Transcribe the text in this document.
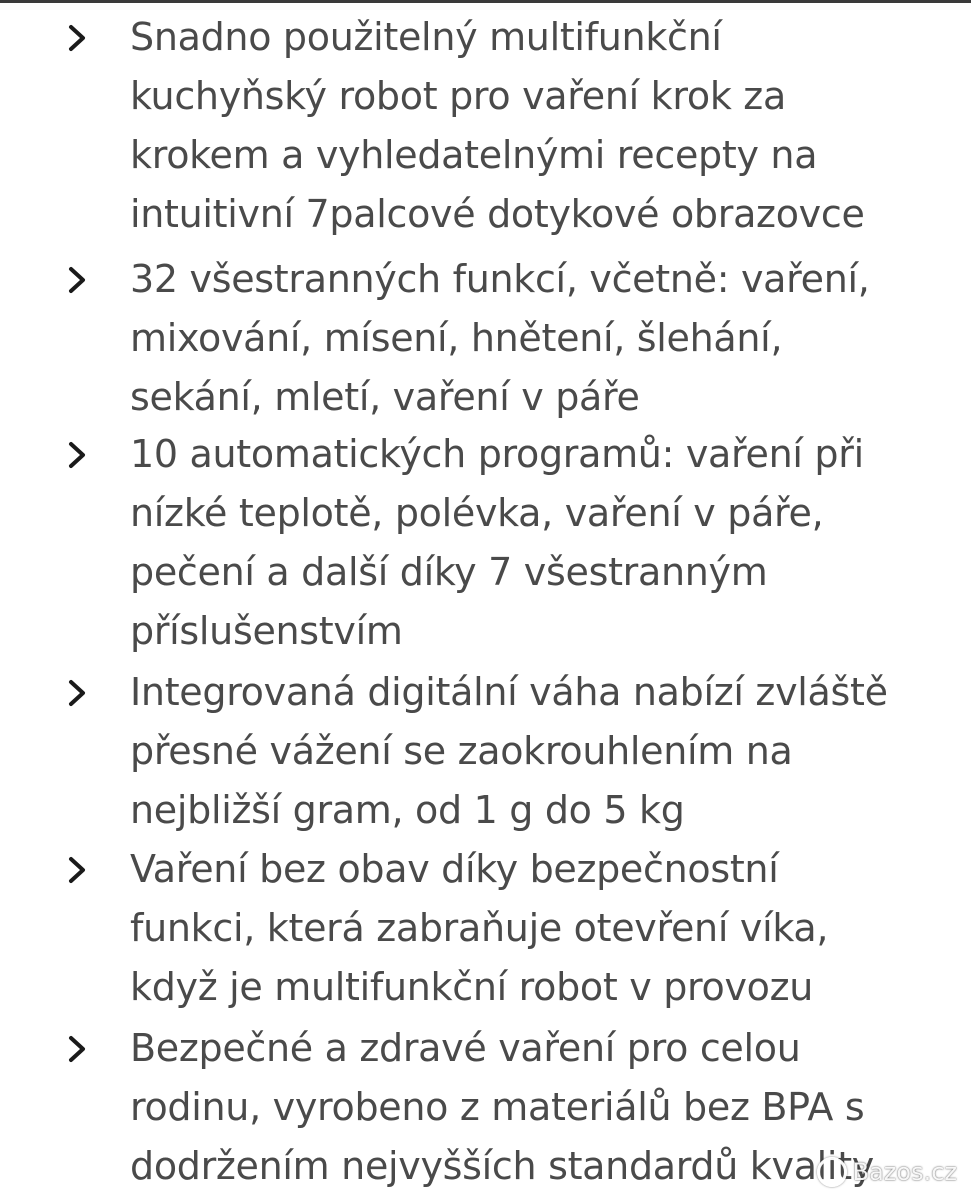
Snadno použitelný multifunkční
kuchyňský robot pro vaření krok za
krokem a vyhledatelnými recepty na
intuitivní 7palcové dotykové obrazovce

32 všestranných funkcí, včetně: vaření,
mixování, mísení, hnětení, šlehání,
sekání, mletí, vaření v páře

10 automatických programů: vaření při
nízké teplotě, polévka, vaření v páře,
pečení a další díky 7 všestranným
příslušenstvím

Integrovaná digitální váha nabízí zvláště
přesné vážení se zaokrouhlením na
nejbližší gram, od 1 g do 5 kg

Vaření bez obav díky bezpečnostní
funkci, která zabraňuje otevření víka,
když je multifunkční robot v provozu

Bezpečné a zdravé vaření pro celou
rodinu, vyrobeno z materiálů bez BPA s
dodržením nejvyšších standardů kvality

Bazos.cz
